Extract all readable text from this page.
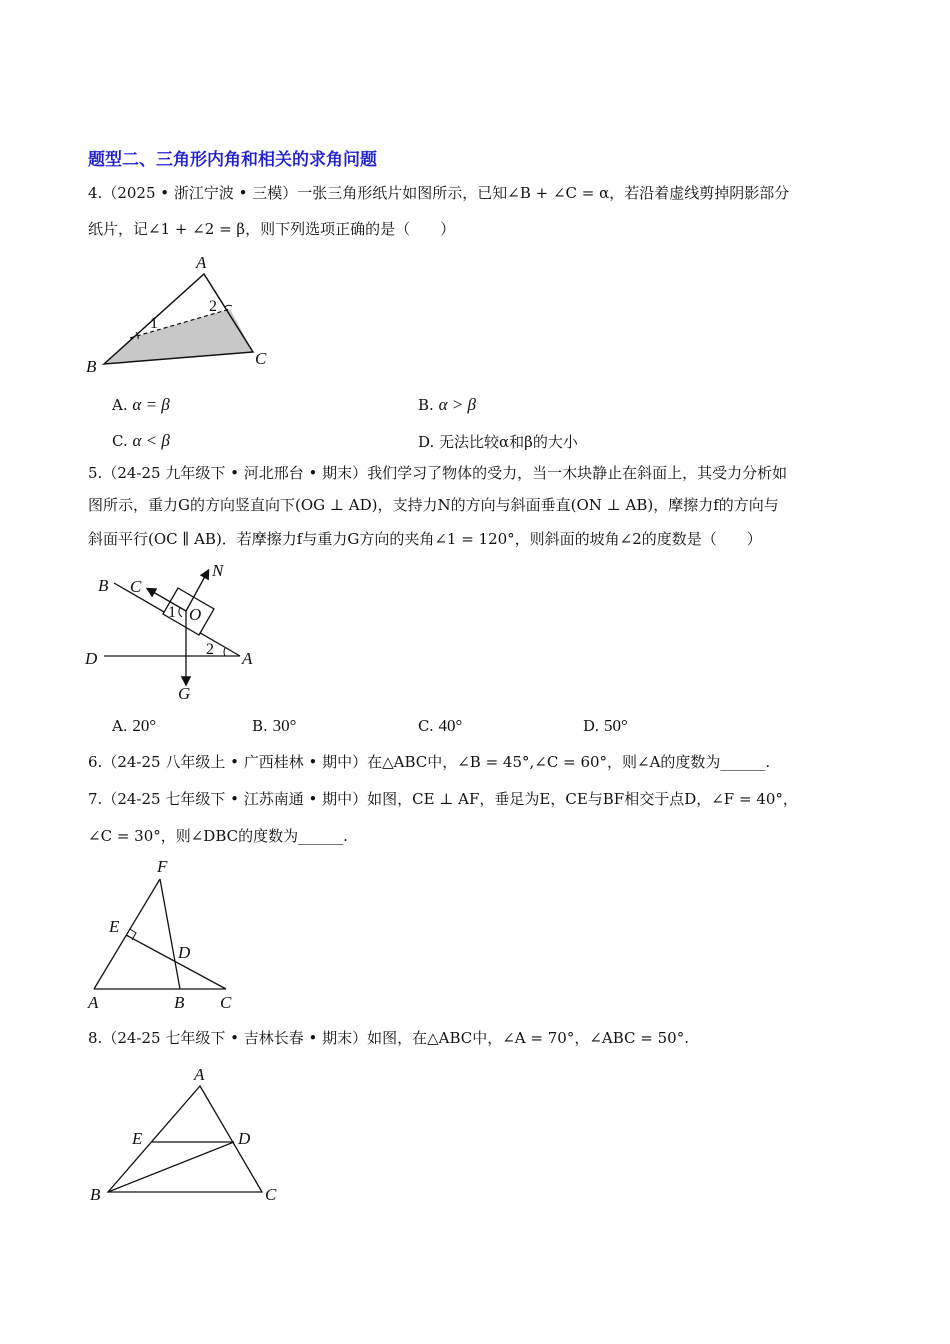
题型二、三角形内角和相关的求角问题
4.（2025 • 浙江宁波 • 三模）一张三角形纸片如图所示，已知∠B + ∠C = α，若沿着虚线剪掉阴影部分
纸片，记∠1 + ∠2 = β，则下列选项正确的是（　　）
A
B	C
1
2
A. α = β	B. α > β
C. α < β	D. 无法比较α和β的大小
5.（24-25 九年级下 • 河北邢台 • 期末）我们学习了物体的受力，当一木块静止在斜面上，其受力分析如
图所示，重力G的方向竖直向下(OG ⊥ AD)，支持力N的方向与斜面垂直(ON ⊥ AB)，摩擦力f的方向与
斜面平行(OC ∥ AB)．若摩擦力f与重力G方向的夹角∠1 = 120°，则斜面的坡角∠2的度数是（　　）
B C
N
O
1
D	2 A
G
A. 20°	B. 30°	C. 40°	D. 50°
6.（24-25 八年级上 • 广西桂林 • 期中）在△ABC中，∠B = 45°,∠C = 60°，则∠A的度数为______.
7.（24-25 七年级下 • 江苏南通 • 期中）如图，CE ⊥ AF，垂足为E，CE与BF相交于点D，∠F = 40°，
∠C = 30°，则∠DBC的度数为______.
F
E
D
A	B C
8.（24-25 七年级下 • 吉林长春 • 期末）如图，在△ABC中，∠A = 70°，∠ABC = 50°.
A
E	D
B	C
